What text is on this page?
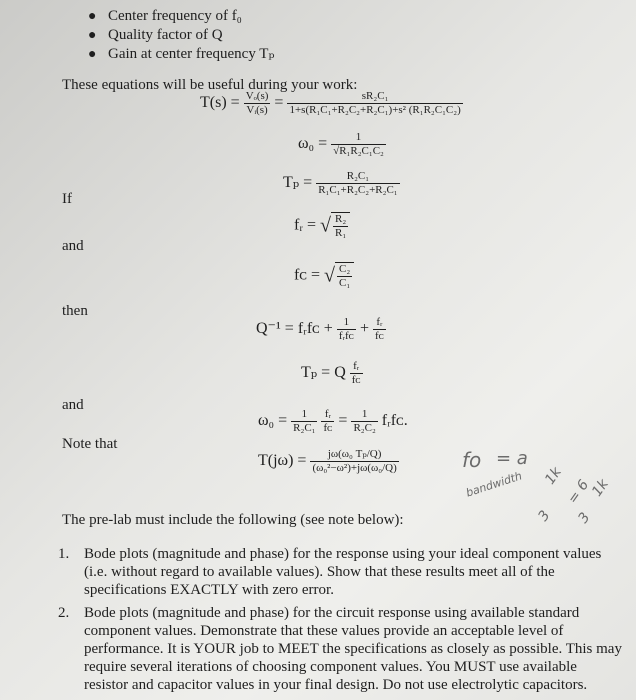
● Center frequency of f₀
● Quality factor of Q
● Gain at center frequency Tₚ
These equations will be useful during your work:
$T(s) = \frac{\text{Vₒ(s)}}{\text{Vᵢ(s)}} = \frac{\text{sR₂C₁}}{\text{1+s(R₁C₁+R₂C₂+R₂C₁)+s² (R₁R₂C₁C₂)}}$
$\omega_0 = \frac{1}{\text{√R₁R₂C₁C₂}}$
$T_p = \frac{\text{R₂C₁}}{\text{R₁C₁+R₂C₂+R₂C₁}}$
If
fᵣ = √ $\frac{\text{R₂}}{\text{R₁}}$
and
fᴄ = √ $\frac{\text{C₂}}{\text{C₁}}$
then
Q⁻¹ = fᵣfᴄ + $\frac{1}{\text{fᵣfᴄ}} + \frac{\text{fᵣ}}{\text{fᴄ}}$
Tₚ = Q $\frac{\text{fᵣ}}{\text{fᴄ}}$
and
$\omega_0 = \frac{1}{\text{R₂C₁}}$
$\frac{\text{fᵣ}}{\text{fᴄ}} = \frac{1}{\text{R₂C₂}}$ fᵣfᴄ.
Note that
$T(j\omega) = \frac{\text{jω(ω₀ Tₚ/Q)}}{\text{(ω₀²−ω²)+jω(ω₀/Q)}}$	fo = a
bandwidth 1k
= 6
1k
3 3
The pre-lab must include the following (see note below):
1. Bode plots (magnitude and phase) for the response using your ideal component values (i.e. without regard to available values). Show that these results meet all of the specifications EXACTLY with zero error.
2. Bode plots (magnitude and phase) for the circuit response using available standard component values. Demonstrate that these values provide an acceptable level of performance. It is YOUR job to MEET the specifications as closely as possible. This may require several iterations of choosing component values. You MUST use available resistor and capacitor values in your final design. Do not use electrolytic capacitors.
